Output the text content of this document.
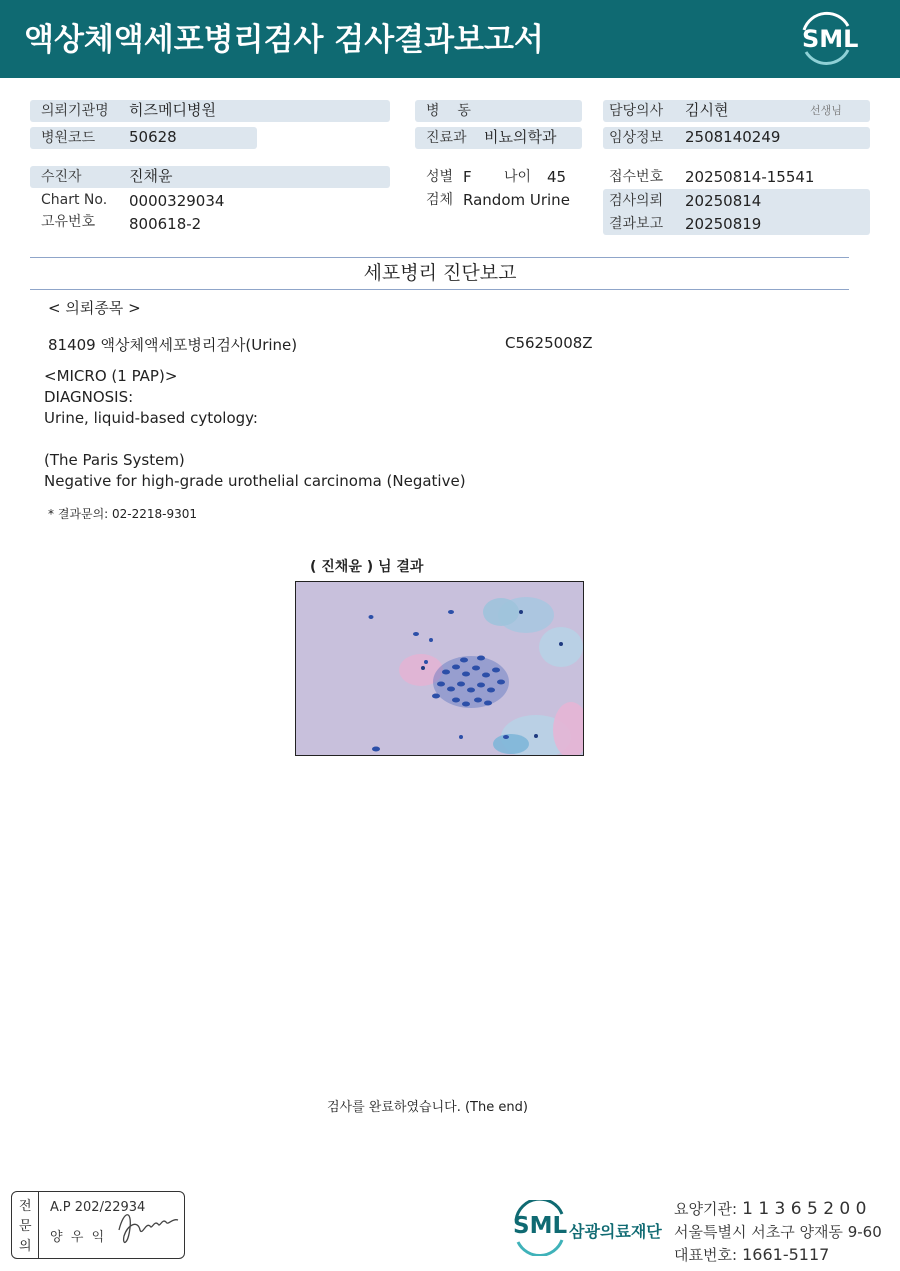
액상체액세포병리검사 검사결과보고서	SML
의뢰기관명 히즈메디병원
병원코드 50628
수진자	진채윤
Chart No. 0000329034
고유번호 800618-2
병    동
진료과 비뇨의학과
성별 F 나이 45
검체 Random Urine
담당의사 김시현	선생님
임상정보 2508140249
접수번호 20250814-15541
검사의뢰 20250814
결과보고 20250819
세포병리 진단보고
< 의뢰종목 >
81409 액상체액세포병리검사(Urine)	C5625008Z
<MICRO (1 PAP)>
DIAGNOSIS:
Urine, liquid-based cytology:
(The Paris System)
Negative for high-grade urothelial carcinoma (Negative)
* 결과문의: 02-2218-9301
( 진채윤 ) 님 결과
검사를 완료하였습니다. (The end)
전
문
의
A.P 202/22934
양  우  익	SML 삼광의료재단
요양기관: 1 1 3 6 5 2 0 0
서울특별시 서초구 양재동 9-60
대표번호: 1661-5117
